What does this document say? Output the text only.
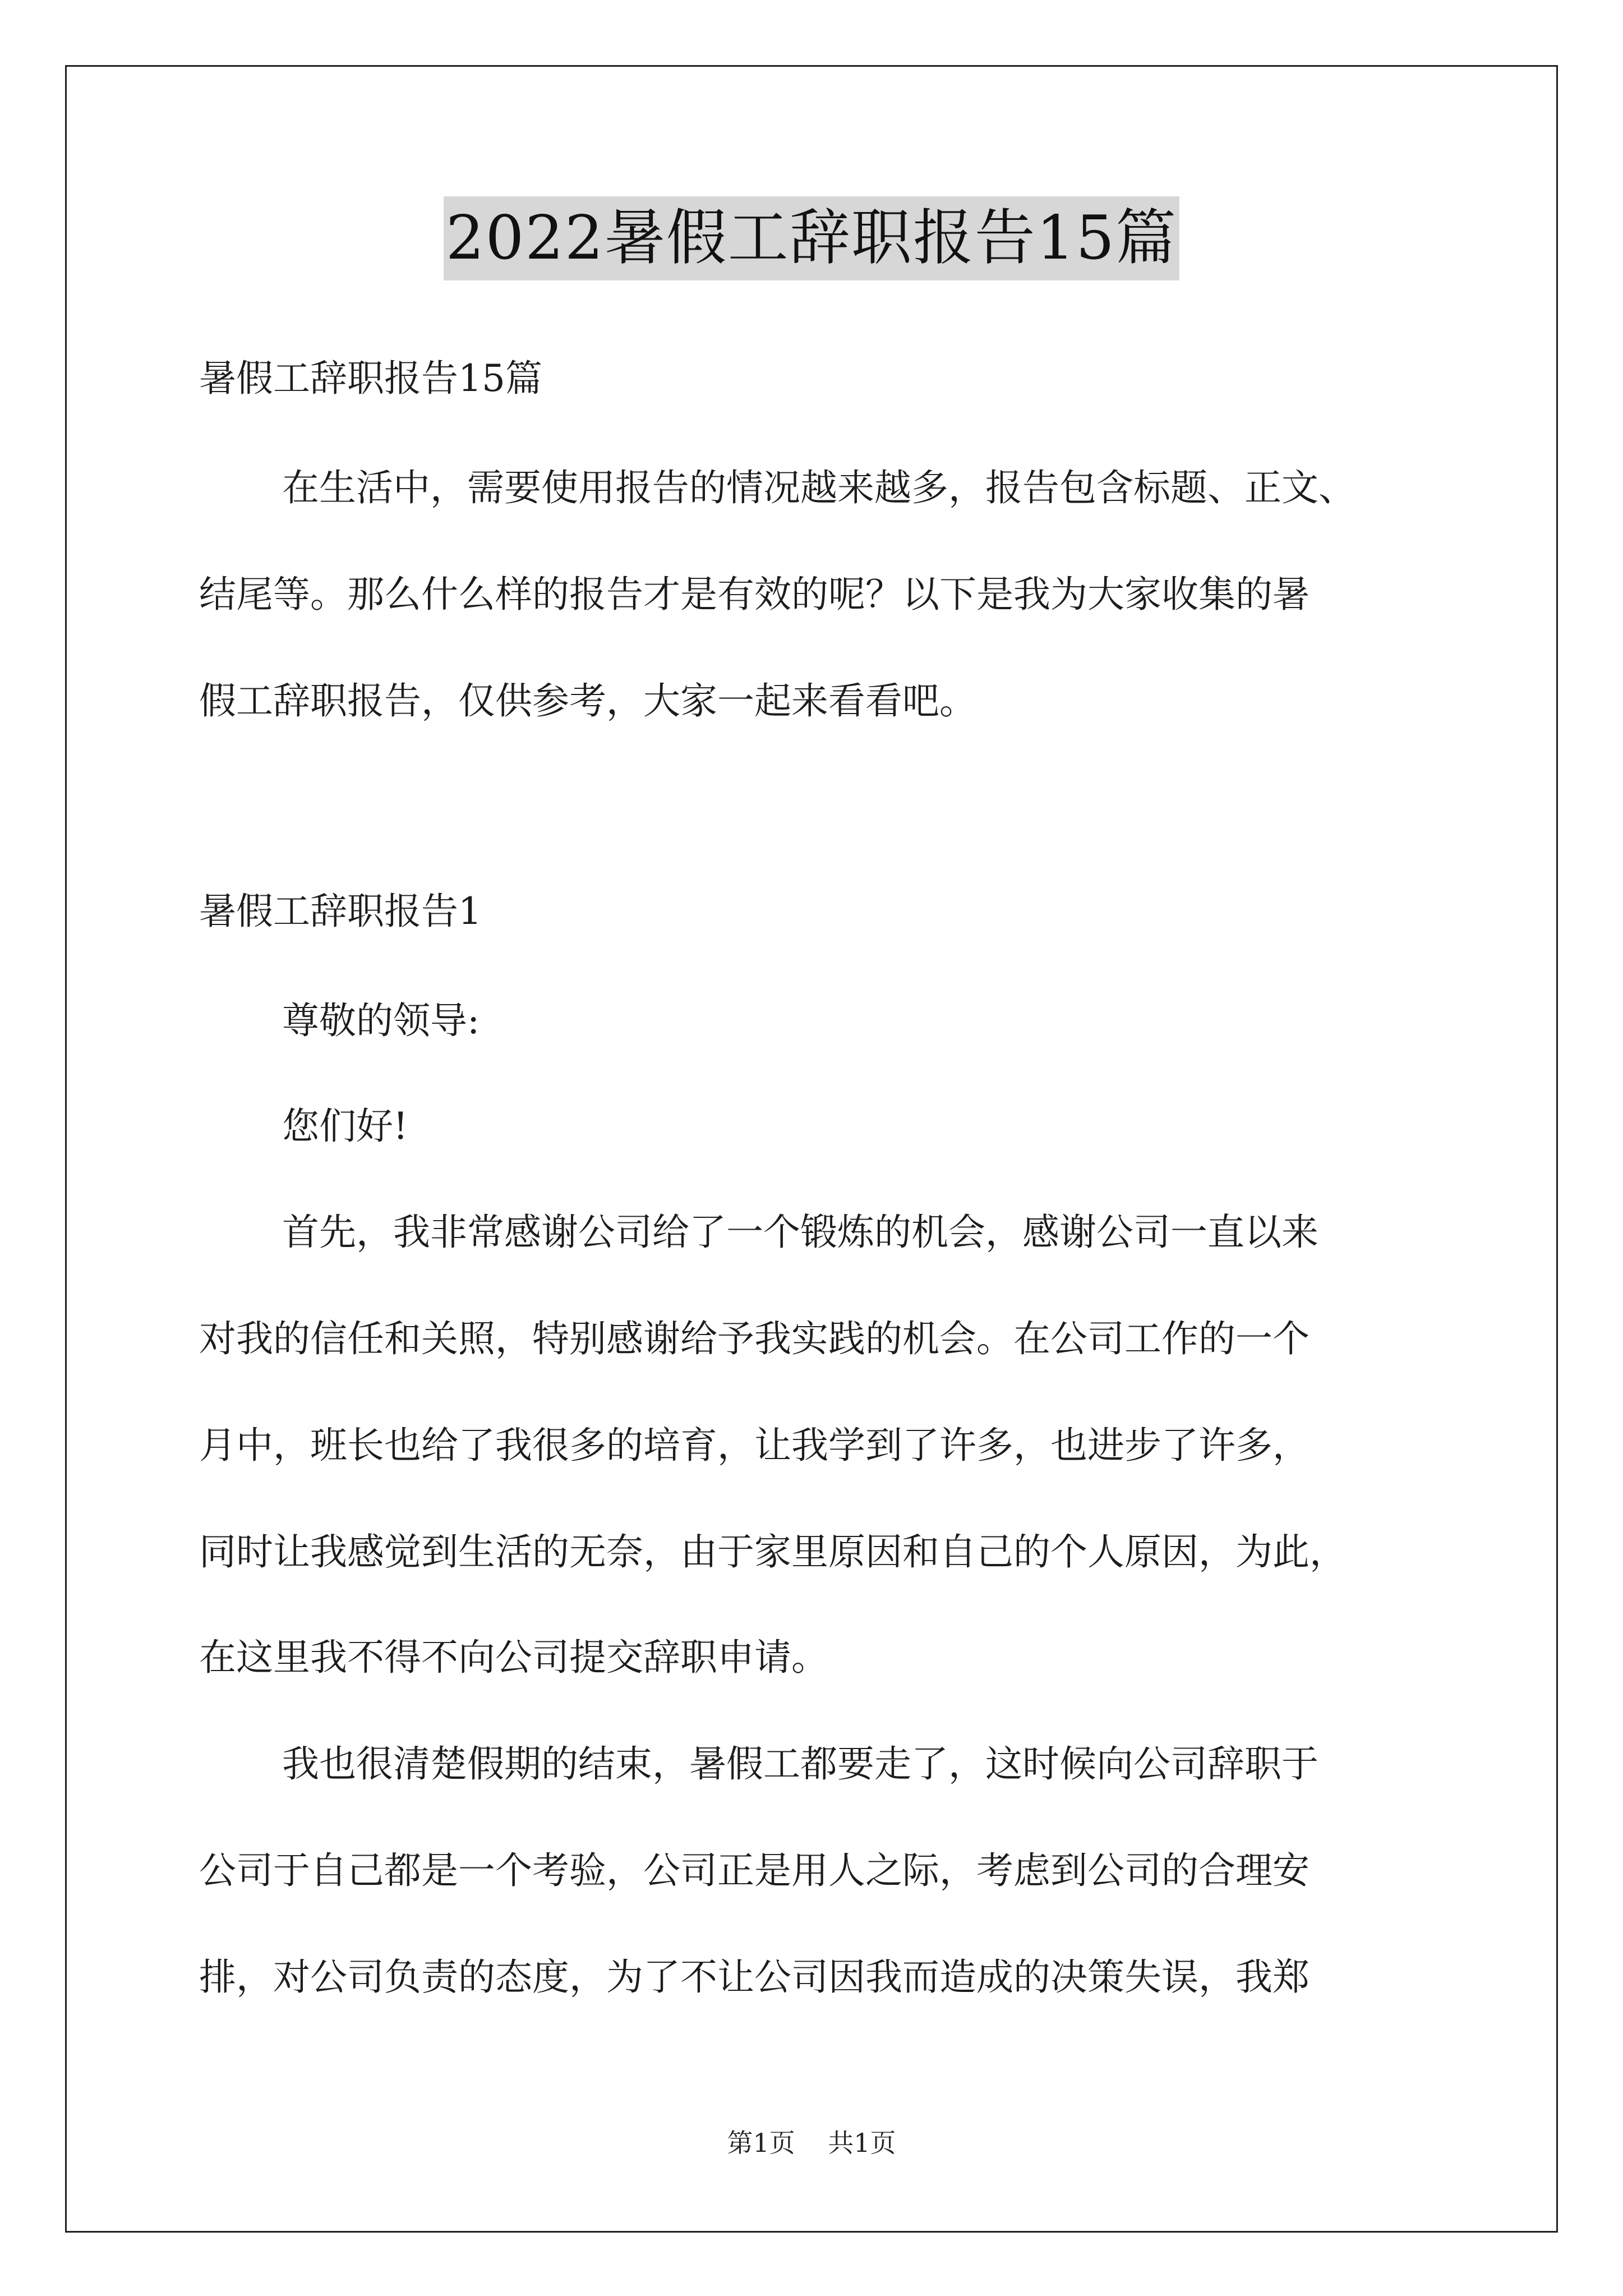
2022暑假工辞职报告15篇
暑假工辞职报告15篇
在生活中，需要使用报告的情况越来越多，报告包含标题、正文、
结尾等。那么什么样的报告才是有效的呢？以下是我为大家收集的暑
假工辞职报告，仅供参考，大家一起来看看吧。
暑假工辞职报告1
尊敬的领导:
您们好!
首先，我非常感谢公司给了一个锻炼的机会，感谢公司一直以来
对我的信任和关照，特别感谢给予我实践的机会。在公司工作的一个
月中，班长也给了我很多的培育，让我学到了许多，也进步了许多，
同时让我感觉到生活的无奈，由于家里原因和自己的个人原因，为此，
在这里我不得不向公司提交辞职申请。
我也很清楚假期的结束，暑假工都要走了，这时候向公司辞职于
公司于自己都是一个考验，公司正是用人之际，考虑到公司的合理安
排，对公司负责的态度，为了不让公司因我而造成的决策失误，我郑
第1页 共1页
